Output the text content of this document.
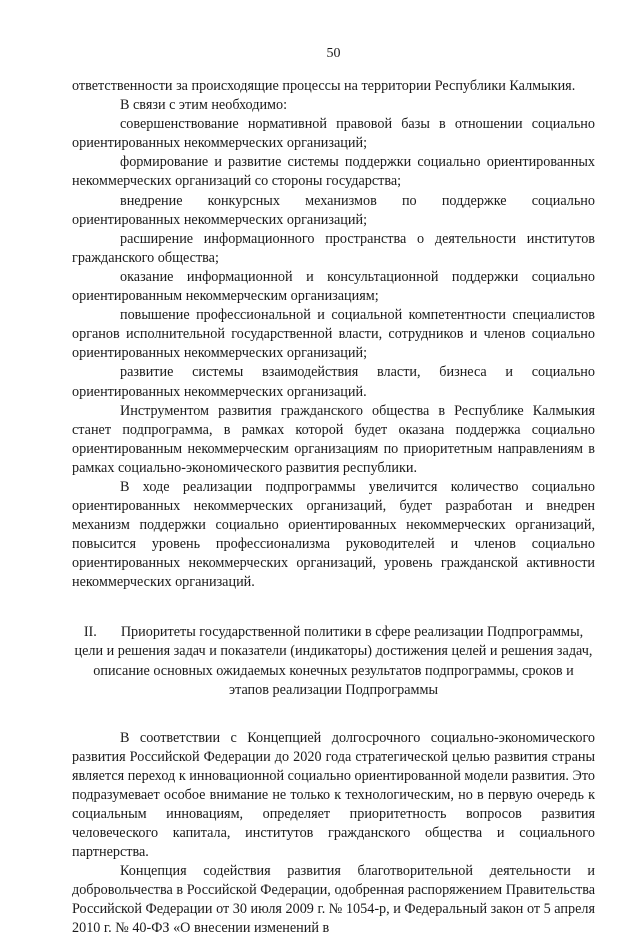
50

ответственности за происходящие процессы на территории Республики Калмыкия.

В связи с этим необходимо:

совершенствование нормативной правовой базы в отношении социально ориентированных некоммерческих организаций;

формирование и развитие системы поддержки социально ориентированных некоммерческих организаций со стороны государства;

внедрение конкурсных механизмов по поддержке социально ориентированных некоммерческих организаций;

расширение информационного пространства о деятельности институтов гражданского общества;

оказание информационной и консультационной поддержки социально ориентированным некоммерческим организациям;

повышение профессиональной и социальной компетентности специалистов органов исполнительной государственной власти, сотрудников и членов социально ориентированных некоммерческих организаций;

развитие системы взаимодействия власти, бизнеса и социально ориентированных некоммерческих организаций.

Инструментом развития гражданского общества в Республике Калмыкия станет подпрограмма, в рамках которой будет оказана поддержка социально ориентированным некоммерческим организациям по приоритетным направлениям в рамках социально-экономического развития республики.

В ходе реализации подпрограммы увеличится количество социально ориентированных некоммерческих организаций, будет разработан и внедрен механизм поддержки социально ориентированных некоммерческих организаций, повысится уровень профессионализма руководителей и членов социально ориентированных некоммерческих организаций, уровень гражданской активности некоммерческих организаций.

II. Приоритеты государственной политики в сфере реализации Подпрограммы, цели и решения задач и показатели (индикаторы) достижения целей и решения задач, описание основных ожидаемых конечных результатов подпрограммы, сроков и этапов реализации Подпрограммы

В соответствии с Концепцией долгосрочного социально-экономического развития Российской Федерации до 2020 года стратегической целью развития страны является переход к инновационной социально ориентированной модели развития. Это подразумевает особое внимание не только к технологическим, но в первую очередь к социальным инновациям, определяет приоритетность вопросов развития человеческого капитала, институтов гражданского общества и социального партнерства.

Концепция содействия развития благотворительной деятельности и добровольчества в Российской Федерации, одобренная распоряжением Правительства Российской Федерации от 30 июля 2009 г. № 1054-р, и Федеральный закон от 5 апреля 2010 г. № 40-ФЗ «О внесении изменений в
